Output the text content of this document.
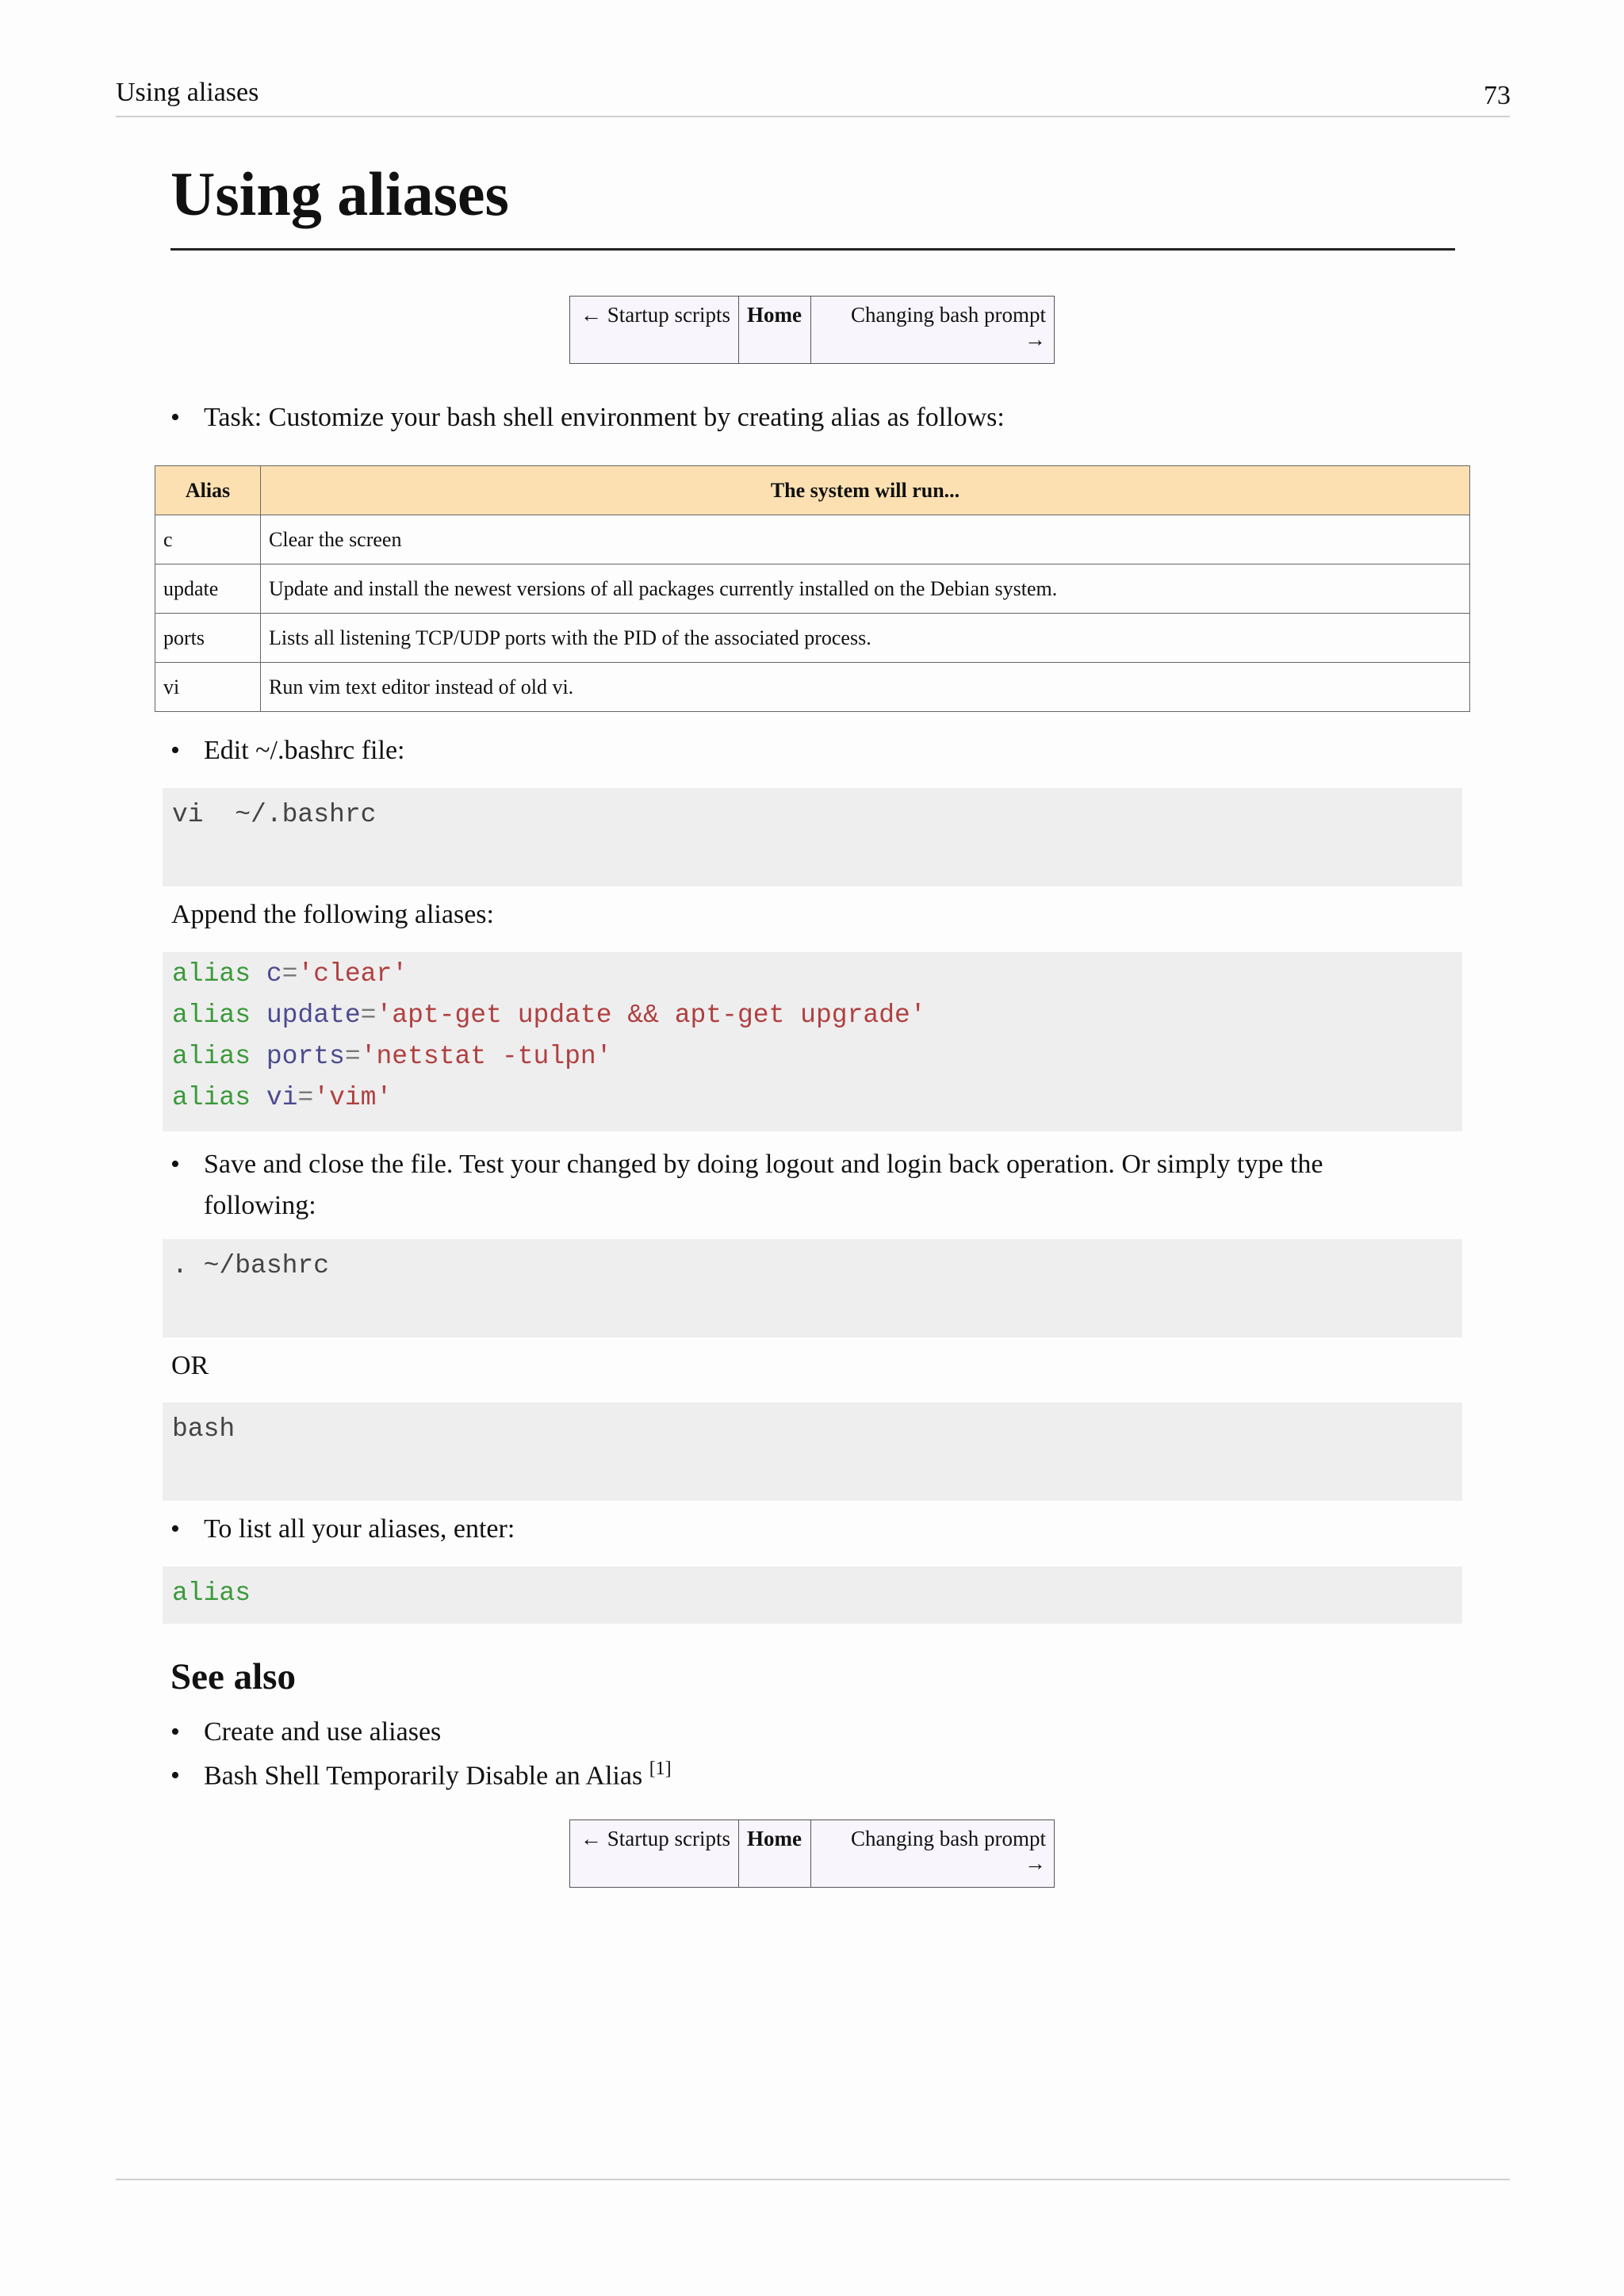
Using aliases	73
Using aliases
← Startup scripts	Home	Changing bash prompt
→
• Task: Customize your bash shell environment by creating alias as follows:
Alias	The system will run...
c	Clear the screen
update	Update and install the newest versions of all packages currently installed on the Debian system.
ports	Lists all listening TCP/UDP ports with the PID of the associated process.
vi	Run vim text editor instead of old vi.
• Edit ~/.bashrc file:
vi  ~/.bashrc
Append the following aliases:
alias c='clear'
alias update='apt-get update && apt-get upgrade'
alias ports='netstat -tulpn'
alias vi='vim'
• Save and close the file. Test your changed by doing logout and login back operation. Or simply type the
following:
. ~/bashrc
OR
bash
• To list all your aliases, enter:
alias
See also
• Create and use aliases
• Bash Shell Temporarily Disable an Alias [1]
← Startup scripts	Home	Changing bash prompt
→
